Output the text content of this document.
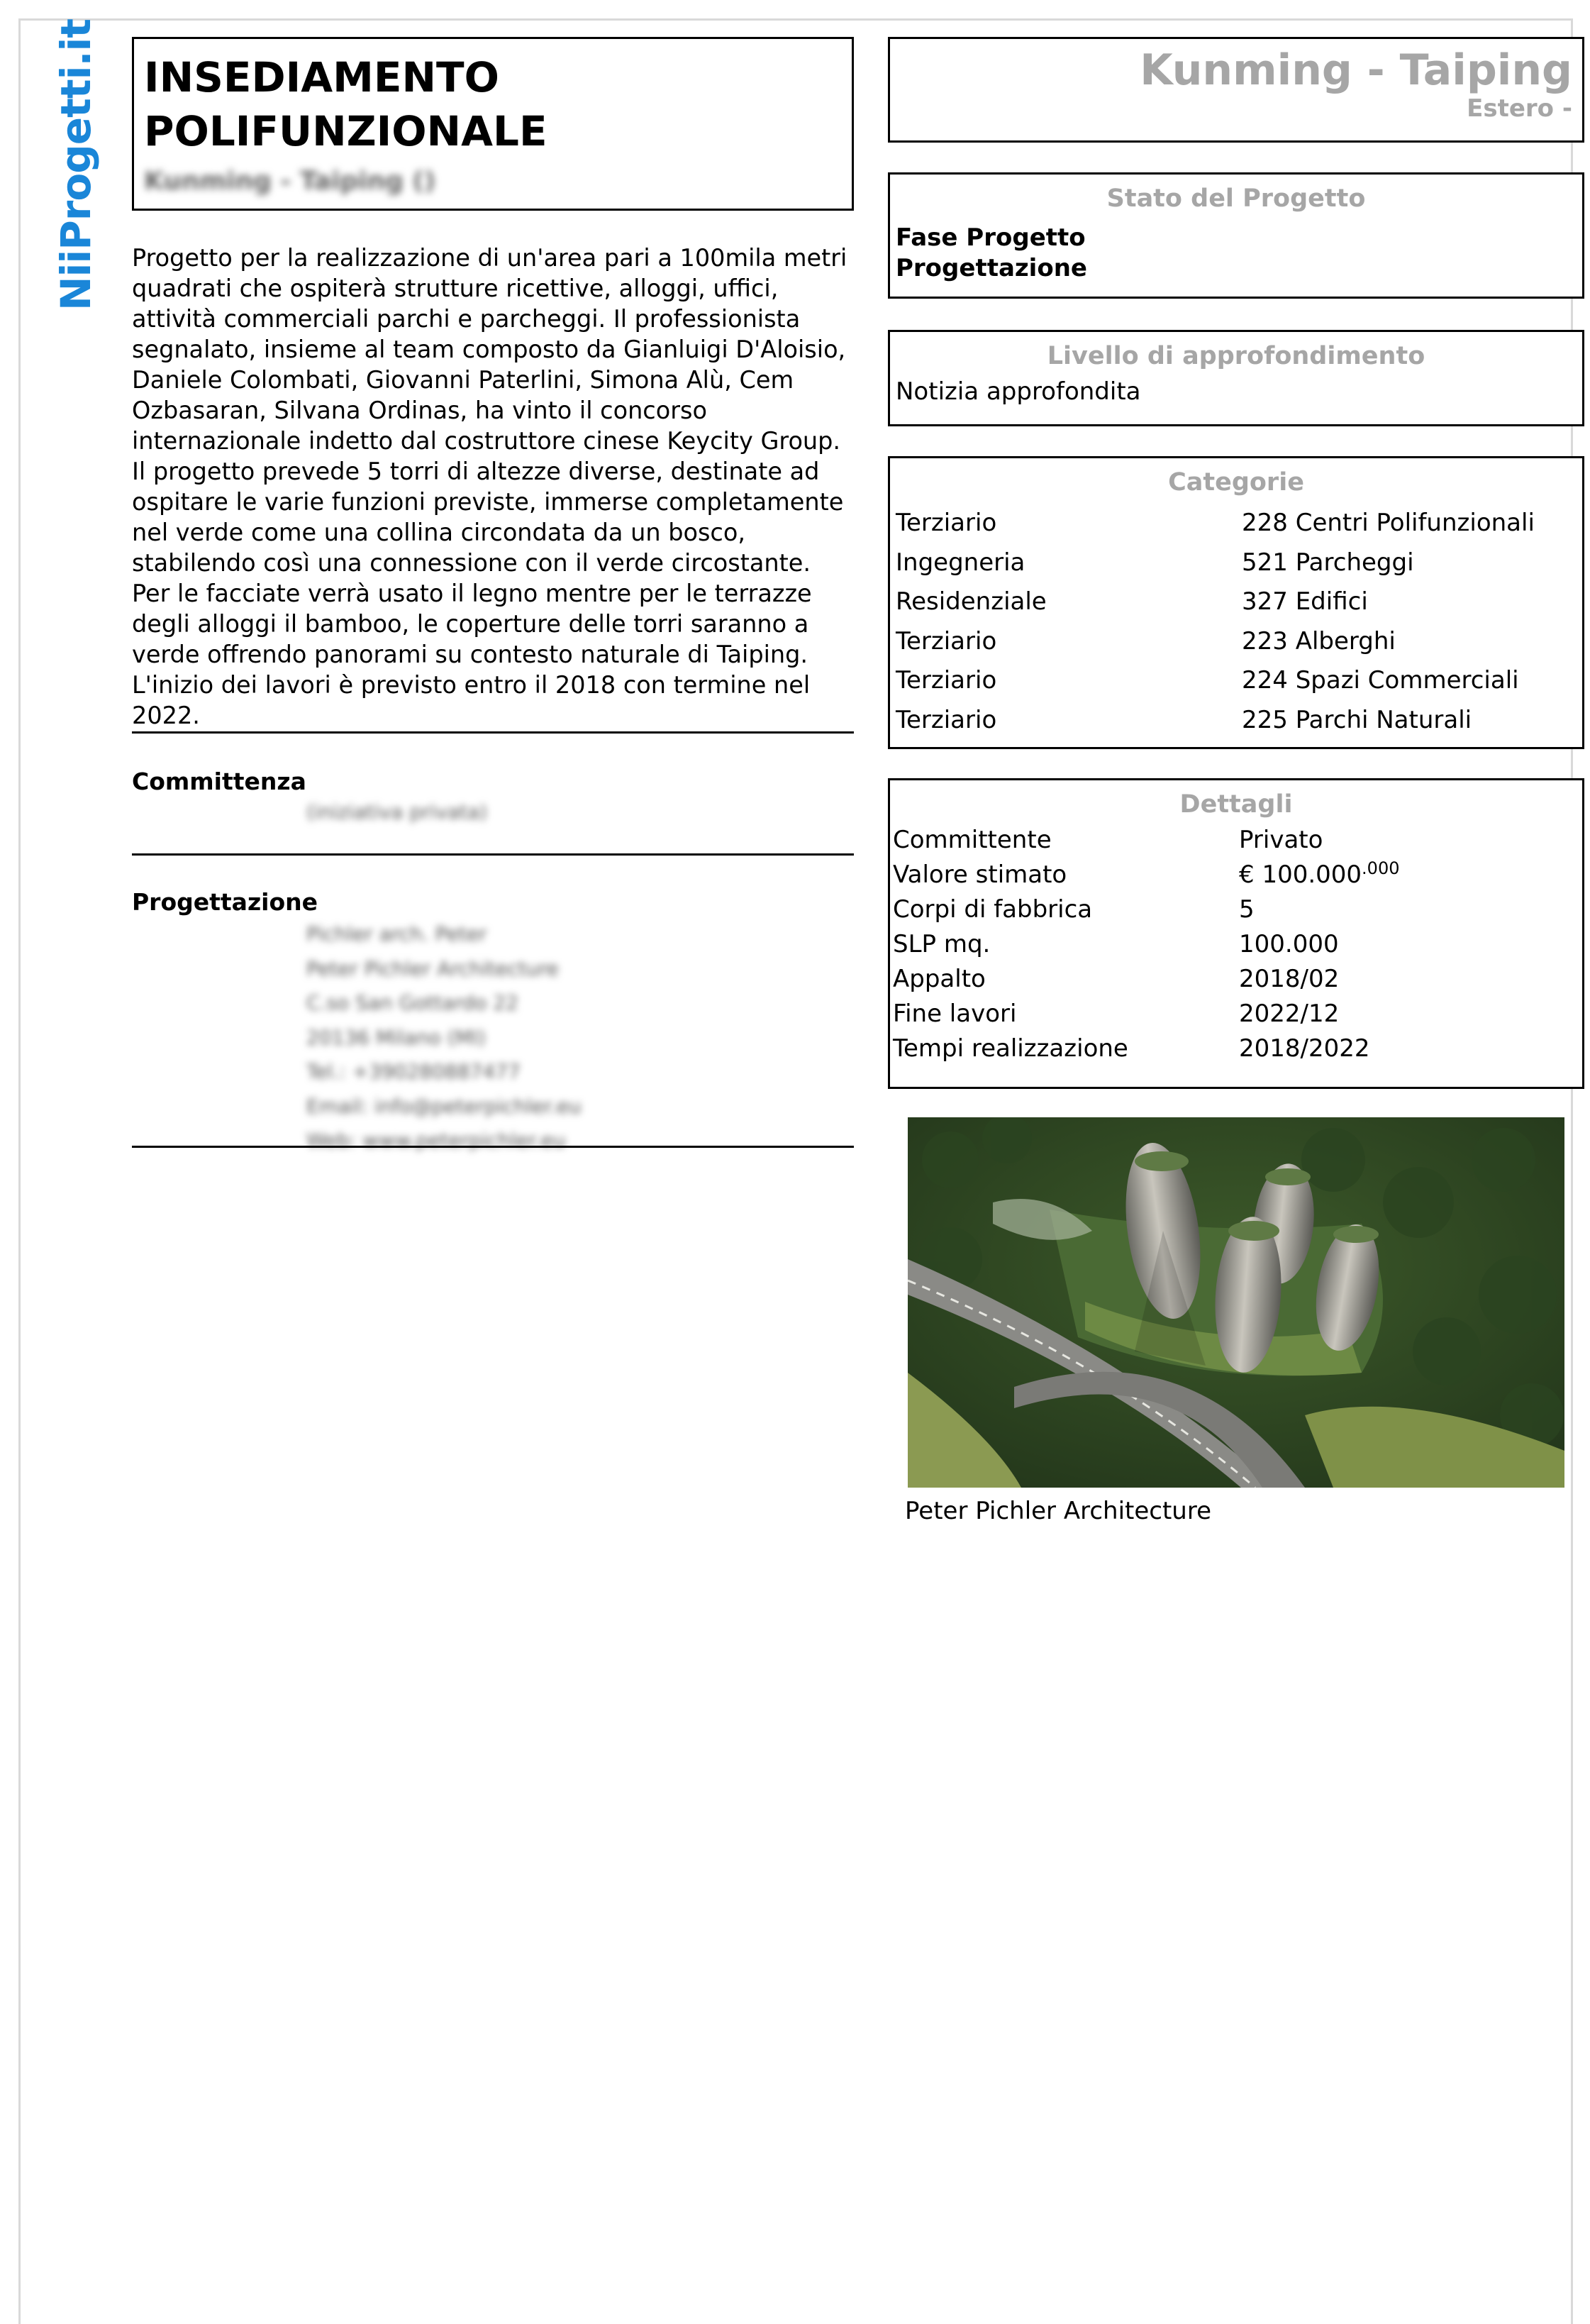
NiiProgetti.it INSEDIAMENTO
POLIFUNZIONALE
Kunming - Taiping ()
Progetto per la realizzazione di un'area pari a 100mila metri quadrati che ospiterà strutture ricettive, alloggi, uffici, attività commerciali parchi e parcheggi. Il professionista segnalato, insieme al team composto da Gianluigi D'Aloisio, Daniele Colombati, Giovanni Paterlini, Simona Alù, Cem Ozbasaran, Silvana Ordinas, ha vinto il concorso internazionale indetto dal costruttore cinese Keycity Group. Il progetto prevede 5 torri di altezze diverse, destinate ad ospitare le varie funzioni previste, immerse completamente nel verde come una collina circondata da un bosco, stabilendo così una connessione con il verde circostante. Per le facciate verrà usato il legno mentre per le terrazze degli alloggi il bamboo, le coperture delle torri saranno a verde offrendo panorami su contesto naturale di Taiping. L'inizio dei lavori è previsto entro il 2018 con termine nel 2022.
Committenza
(iniziativa privata)
Progettazione
Pichler arch. Peter
Peter Pichler Architecture
C.so San Gottardo 22
20136 Milano (MI)
Tel.: +390280887477
Email: info@peterpichler.eu
Web: www.peterpichler.eu
Kunming - Taiping
Estero -
Stato del Progetto
Fase Progetto
Progettazione
Livello di approfondimento
Notizia approfondita
Categorie
Terziario	228 Centri Polifunzionali
Ingegneria	521 Parcheggi
Residenziale	327 Edifici
Terziario	223 Alberghi
Terziario	224 Spazi Commerciali
Terziario	225 Parchi Naturali
Dettagli
Committente	Privato
Valore stimato	€ $100.000^{.000}$
Corpi di fabbrica	5
SLP mq.	100.000
Appalto	2018/02
Fine lavori	2022/12
Tempi realizzazione	2018/2022
Peter Pichler Architecture
